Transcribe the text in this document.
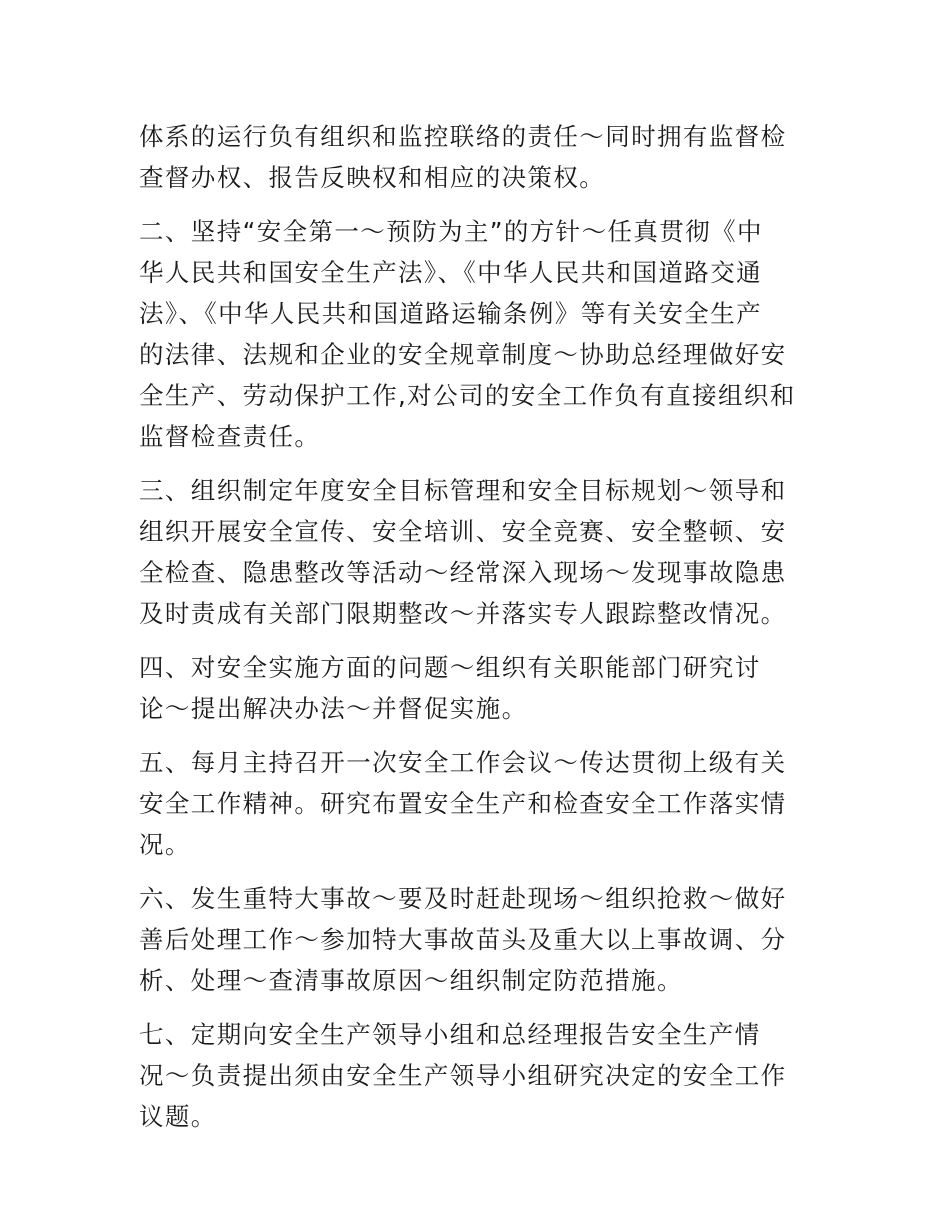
体系的运行负有组织和监控联络的责任～同时拥有监督检
查督办权、报告反映权和相应的决策权。

二、坚持“安全第一～预防为主”的方针～任真贯彻《中
华人民共和国安全生产法》、《中华人民共和国道路交通
法》、《中华人民共和国道路运输条例》等有关安全生产
的法律、法规和企业的安全规章制度～协助总经理做好安
全生产、劳动保护工作,对公司的安全工作负有直接组织和
监督检查责任。

三、组织制定年度安全目标管理和安全目标规划～领导和
组织开展安全宣传、安全培训、安全竞赛、安全整顿、安
全检查、隐患整改等活动～经常深入现场～发现事故隐患
及时责成有关部门限期整改～并落实专人跟踪整改情况。

四、对安全实施方面的问题～组织有关职能部门研究讨
论～提出解决办法～并督促实施。

五、每月主持召开一次安全工作会议～传达贯彻上级有关
安全工作精神。研究布置安全生产和检查安全工作落实情
况。

六、发生重特大事故～要及时赶赴现场～组织抢救～做好
善后处理工作～参加特大事故苗头及重大以上事故调、分
析、处理～查清事故原因～组织制定防范措施。

七、定期向安全生产领导小组和总经理报告安全生产情
况～负责提出须由安全生产领导小组研究决定的安全工作
议题。
